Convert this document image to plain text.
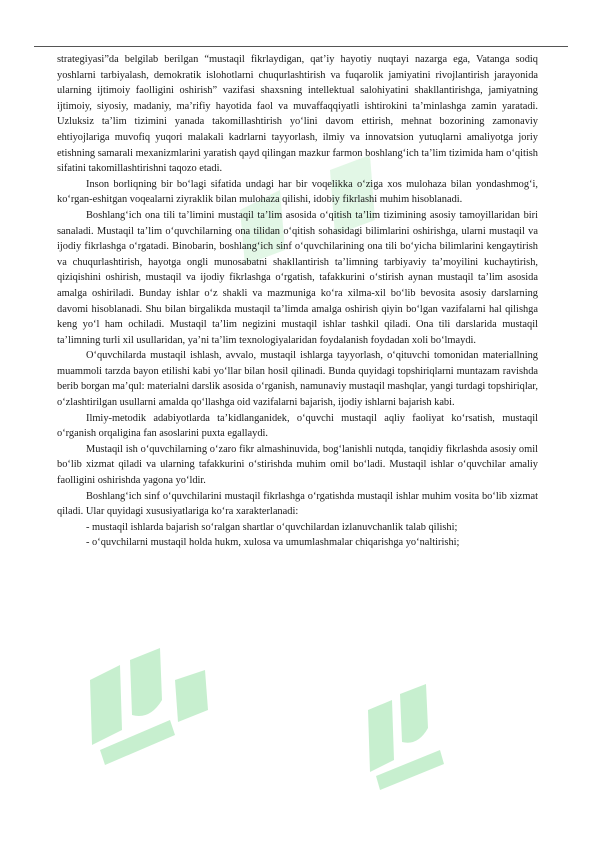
strategiyasi”da belgilab berilgan “mustaqil fikrlaydigan, qat’iy hayotiy nuqtayi nazarga ega, Vatanga sodiq yoshlarni tarbiyalash, demokratik islohotlarni chuqurlashtirish va fuqarolik jamiyatini rivojlantirish jarayonida ularning ijtimoiy faolligini oshirish” vazifasi shaxsning intellektual salohiyatini shakllantirishga, jamiyatning ijtimoiy, siyosiy, madaniy, ma’rifiy hayotida faol va muvaffaqqiyatli ishtirokini ta’minlashga zamin yaratadi. Uzluksiz ta’lim tizimini yanada takomillashtirish yo‘lini davom ettirish, mehnat bozorining zamonaviy ehtiyojlariga muvofiq yuqori malakali kadrlarni tayyorlash, ilmiy va innovatsion yutuqlarni amaliyotga joriy etishning samarali mexanizmlarini yaratish qayd qilingan mazkur farmon boshlang‘ich ta’lim tizimida ham o‘qitish sifatini takomillashtirishni taqozo etadi.

Inson borliqning bir bo‘lagi sifatida undagi har bir voqelikka o‘ziga xos mulohaza bilan yondashmog‘i, ko‘rgan-eshitgan voqealarni ziyraklik bilan mulohaza qilishi, idobiy fikrlashi muhim hisoblanadi.

Boshlang‘ich ona tili ta’limini mustaqil ta’lim asosida o‘qitish ta’lim tizimining asosiy tamoyillaridan biri sanaladi. Mustaqil ta’lim o‘quvchilarning ona tilidan o‘qitish sohasidagi bilimlarini oshirishga, ularni mustaqil va ijodiy fikrlashga o‘rgatadi. Binobarin, boshlang‘ich sinf o‘quvchilarining ona tili bo‘yicha bilimlarini kengaytirish va chuqurlashtirish, hayotga ongli munosabatni shakllantirish ta’limning tarbiyaviy ta’moyilini kuchaytirish, qiziqishini oshirish, mustaqil va ijodiy fikrlashga o‘rgatish, tafakkurini o‘stirish aynan mustaqil ta’lim asosida amalga oshiriladi. Bunday ishlar o‘z shakli va mazmuniga ko‘ra xilma-xil bo‘lib bevosita asosiy darslarning davomi hisoblanadi. Shu bilan birgalikda mustaqil ta’limda amalga oshirish qiyin bo‘lgan vazifalarni hal qilishga keng yo‘l ham ochiladi. Mustaqil ta’lim negizini mustaqil ishlar tashkil qiladi. Ona tili darslarida mustaqil ta’limning turli xil usullaridan, ya’ni ta’lim texnologiyalaridan foydalanish foydadan xoli bo‘lmaydi.

O‘quvchilarda mustaqil ishlash, avvalo, mustaqil ishlarga tayyorlash, o‘qituvchi tomonidan materiallning muammoli tarzda bayon etilishi kabi yo‘llar bilan hosil qilinadi. Bunda quyidagi topshiriqlarni muntazam ravishda berib borgan ma’qul: materialni darslik asosida o‘rganish, namunaviy mustaqil mashqlar, yangi turdagi topshiriqlar, o‘zlashtirilgan usullarni amalda qo‘llashga oid vazifalarni bajarish, ijodiy ishlarni bajarish kabi.

Ilmiy-metodik adabiyotlarda ta’kidlanganidek, o‘quvchi mustaqil aqliy faoliyat ko‘rsatish, mustaqil o‘rganish orqaligina fan asoslarini puxta egallaydi.

Mustaqil ish o‘quvchilarning o‘zaro fikr almashinuvida, bog‘lanishli nutqda, tanqidiy fikrlashda asosiy omil bo‘lib xizmat qiladi va ularning tafakkurini o‘stirishda muhim omil bo‘ladi. Mustaqil ishlar o‘quvchilar amaliy faolligini oshirishda yagona yo‘ldir.

Boshlang‘ich sinf o‘quvchilarini mustaqil fikrlashga o‘rgatishda mustaqil ishlar muhim vosita bo‘lib xizmat qiladi. Ular quyidagi xususiyatlariga ko‘ra xarakterlanadi:

- mustaqil ishlarda bajarish so‘ralgan shartlar o‘quvchilardan izlanuvchanlik talab qilishi;

- o‘quvchilarni mustaqil holda hukm, xulosa va umumlashmalar chiqarishga yo‘naltirishi;
